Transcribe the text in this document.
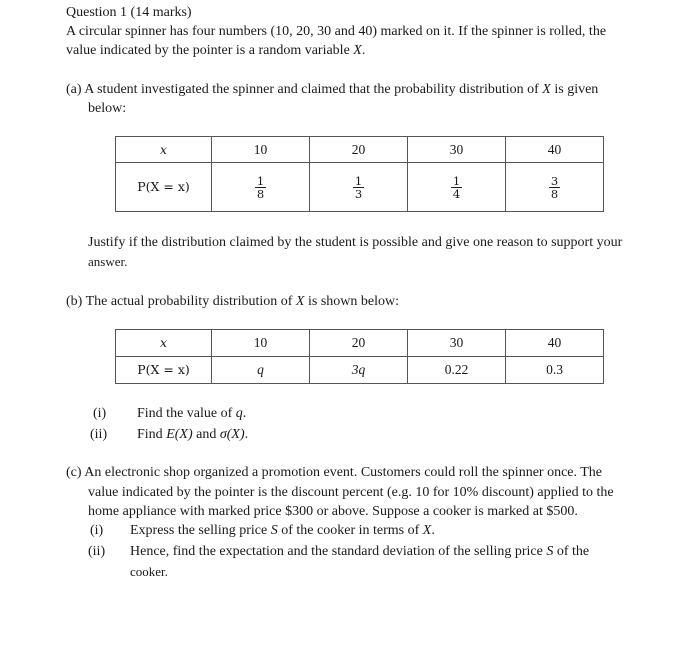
Question 1 (14 marks)
A circular spinner has four numbers (10, 20, 30 and 40) marked on it. If the spinner is rolled, the
value indicated by the pointer is a random variable X.
(a) A student investigated the spinner and claimed that the probability distribution of X is given
below:
x	10	20	30	40
P(X = x)	$\frac{1}{8}$	$\frac{1}{3}$	$\frac{1}{4}$	$\frac{3}{8}$
Justify if the distribution claimed by the student is possible and give one reason to support your
answer.
(b) The actual probability distribution of X is shown below:
x	10	20	30	40
P(X = x)	q	3q	0.22	0.3
(i) Find the value of q.
(ii) Find E(X) and σ(X).
(c) An electronic shop organized a promotion event. Customers could roll the spinner once. The
value indicated by the pointer is the discount percent (e.g. 10 for 10% discount) applied to the
home appliance with marked price $300 or above. Suppose a cooker is marked at $500.
(i) Express the selling price S of the cooker in terms of X.
(ii) Hence, find the expectation and the standard deviation of the selling price S of the
cooker.
